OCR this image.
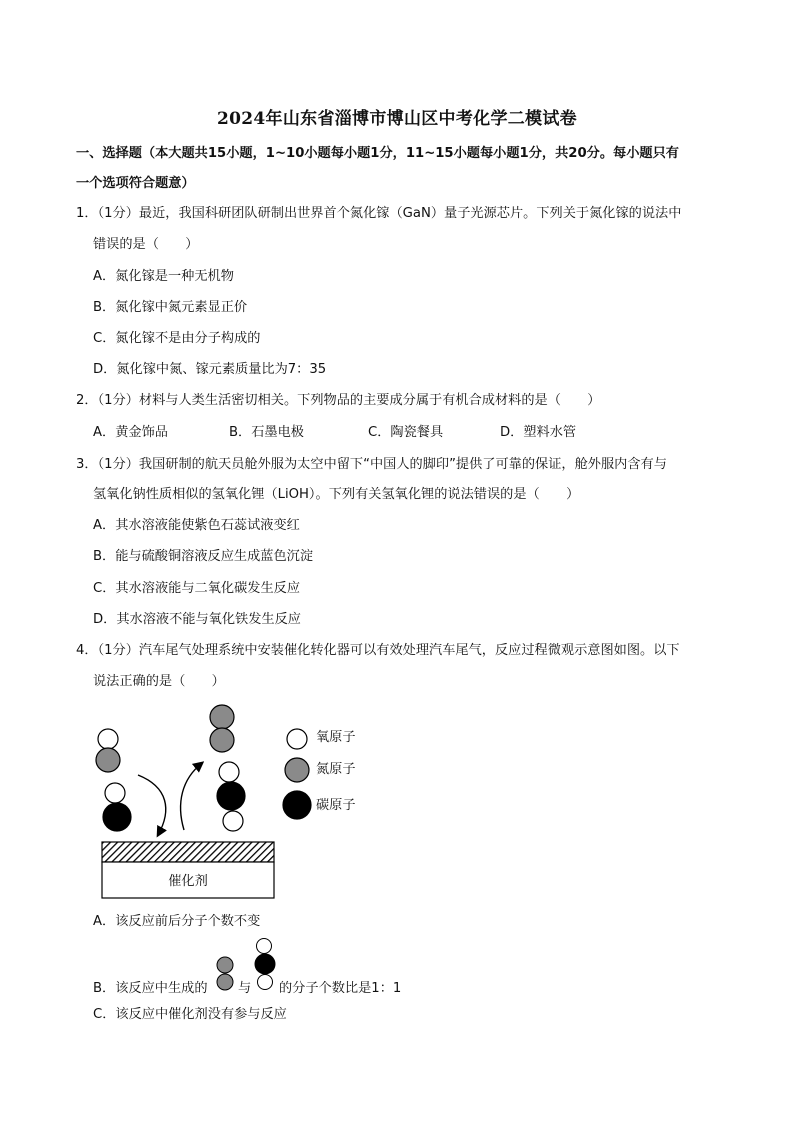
2024年山东省淄博市博山区中考化学二模试卷
一、选择题（本大题共15小题，1~10小题每小题1分，11~15小题每小题1分，共20分。每小题只有
一个选项符合题意）
1．（1分）最近，我国科研团队研制出世界首个氮化镓（GaN）量子光源芯片。下列关于氮化镓的说法中
错误的是（　　）
A．氮化镓是一种无机物
B．氮化镓中氮元素显正价
C．氮化镓不是由分子构成的
D．氮化镓中氮、镓元素质量比为7：35
2．（1分）材料与人类生活密切相关。下列物品的主要成分属于有机合成材料的是（　　）
A．黄金饰品	B．石墨电极	C．陶瓷餐具	D．塑料水管
3．（1分）我国研制的航天员舱外服为太空中留下“中国人的脚印”提供了可靠的保证，舱外服内含有与
氢氧化钠性质相似的氢氧化锂（LiOH）。下列有关氢氧化锂的说法错误的是（　　）
A．其水溶液能使紫色石蕊试液变红
B．能与硫酸铜溶液反应生成蓝色沉淀
C．其水溶液能与二氧化碳发生反应
D．其水溶液不能与氧化铁发生反应
4．（1分）汽车尾气处理系统中安装催化转化器可以有效处理汽车尾气，反应过程微观示意图如图。以下
说法正确的是（　　）
氧原子
氮原子
碳原子
催化剂
A．该反应前后分子个数不变
B．该反应中生成的 与 的分子个数比是1：1
C．该反应中催化剂没有参与反应
